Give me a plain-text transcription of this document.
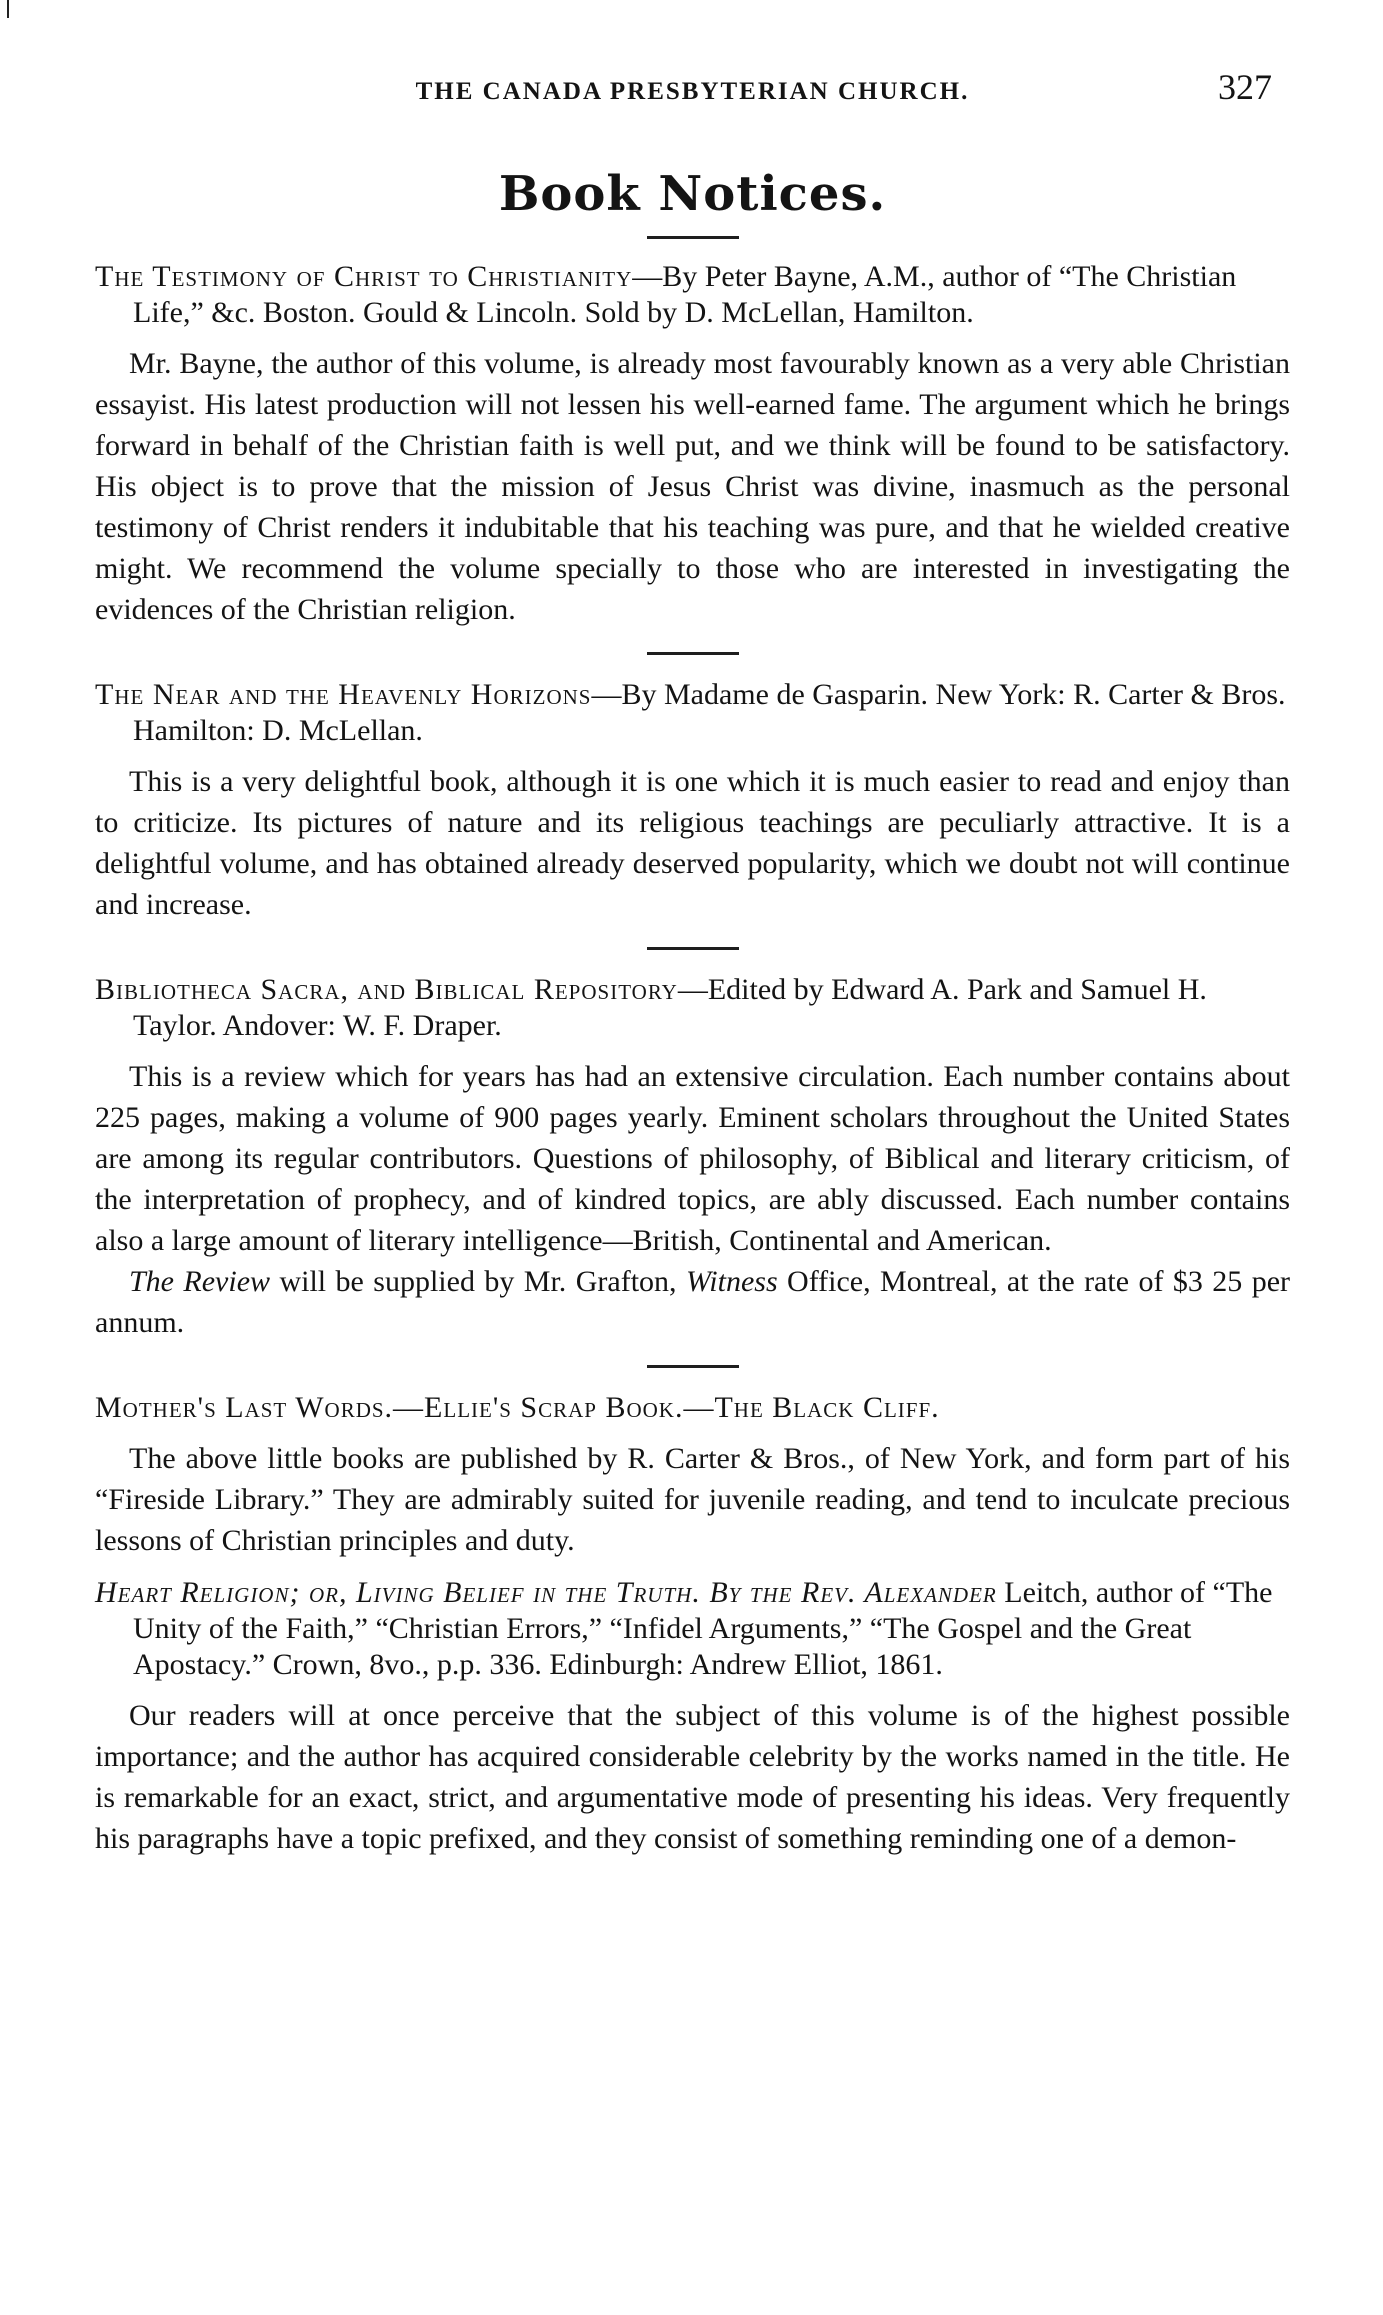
THE CANADA PRESBYTERIAN CHURCH.	327
Book Notices.

The Testimony of Christ to Christianity—By Peter Bayne, A.M., author of “The Christian Life,” &c. Boston. Gould & Lincoln. Sold by D. McLellan, Hamilton.

Mr. Bayne, the author of this volume, is already most favourably known as a very able Christian essayist. His latest production will not lessen his well-earned fame. The argument which he brings forward in behalf of the Christian faith is well put, and we think will be found to be satisfactory. His object is to prove that the mission of Jesus Christ was divine, inasmuch as the personal testimony of Christ renders it indubitable that his teaching was pure, and that he wielded creative might. We recommend the volume specially to those who are interested in investigating the evidences of the Christian religion.

The Near and the Heavenly Horizons—By Madame de Gasparin. New York: R. Carter & Bros. Hamilton: D. McLellan.

This is a very delightful book, although it is one which it is much easier to read and enjoy than to criticize. Its pictures of nature and its religious teachings are peculiarly attractive. It is a delightful volume, and has obtained already deserved popularity, which we doubt not will continue and increase.

Bibliotheca Sacra, and Biblical Repository—Edited by Edward A. Park and Samuel H. Taylor. Andover: W. F. Draper.

This is a review which for years has had an extensive circulation. Each number contains about 225 pages, making a volume of 900 pages yearly. Eminent scholars throughout the United States are among its regular contributors. Questions of philosophy, of Biblical and literary criticism, of the interpretation of prophecy, and of kindred topics, are ably discussed. Each number contains also a large amount of literary intelligence—British, Continental and American.

The Review will be supplied by Mr. Grafton, Witness Office, Montreal, at the rate of $3 25 per annum.

Mother's Last Words.—Ellie's Scrap Book.—The Black Cliff.

The above little books are published by R. Carter & Bros., of New York, and form part of his “Fireside Library.” They are admirably suited for juvenile reading, and tend to inculcate precious lessons of Christian principles and duty.

Heart Religion; or, Living Belief in the Truth. By the Rev. Alexander Leitch, author of “The Unity of the Faith,” “Christian Errors,” “Infidel Arguments,” “The Gospel and the Great Apostacy.” Crown, 8vo., p.p. 336. Edinburgh: Andrew Elliot, 1861.

Our readers will at once perceive that the subject of this volume is of the highest possible importance; and the author has acquired considerable celebrity by the works named in the title. He is remarkable for an exact, strict, and argumentative mode of presenting his ideas. Very frequently his paragraphs have a topic prefixed, and they consist of something reminding one of a demon-
